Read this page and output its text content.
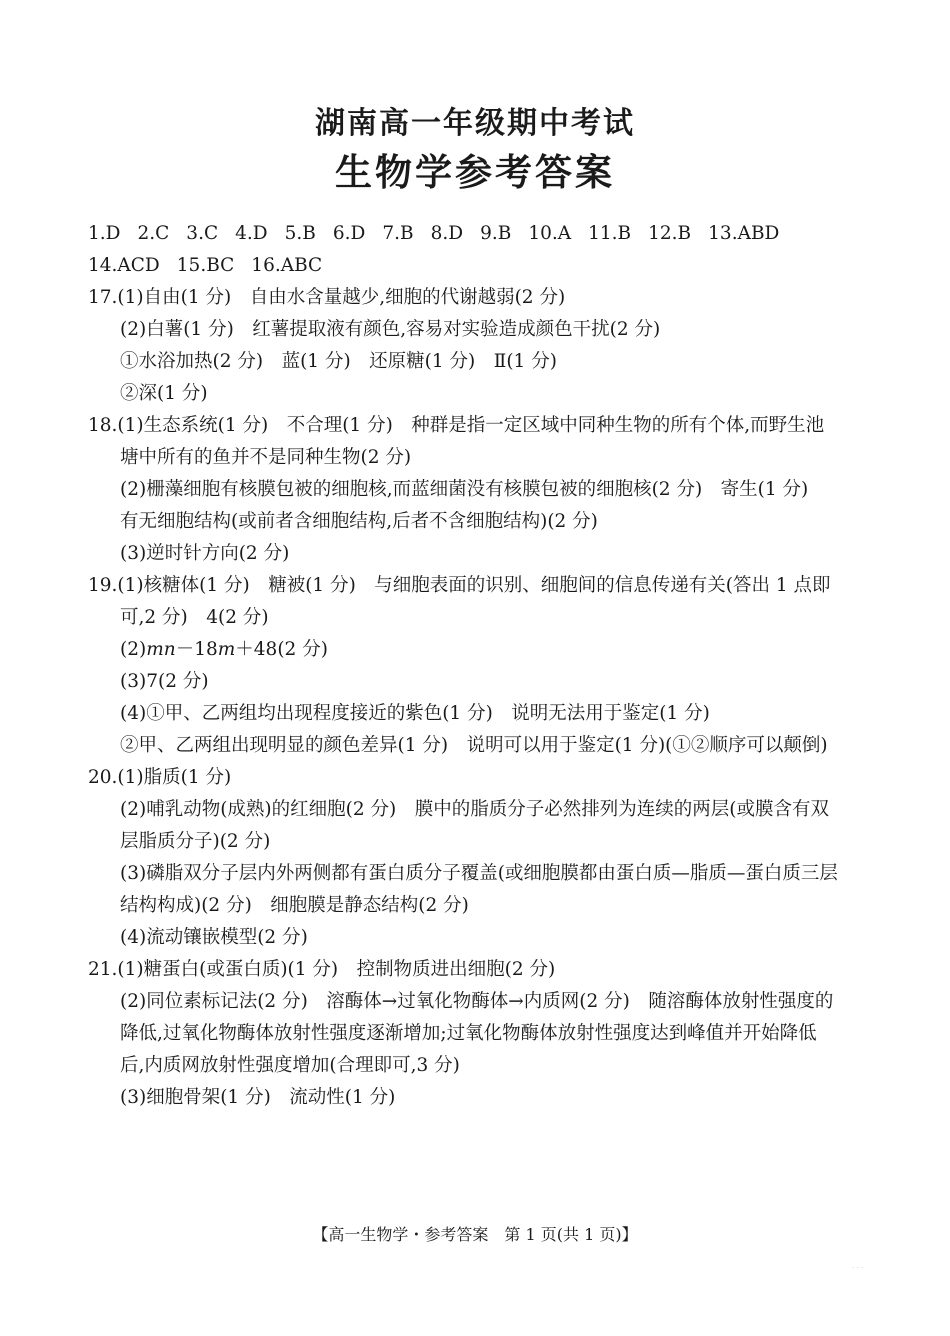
湖南高一年级期中考试
生物学参考答案
1.D 2.C 3.C 4.D 5.B 6.D 7.B 8.D 9.B 10.A 11.B 12.B 13.ABD
14.ACD 15.BC 16.ABC
17.(1)自由(1 分)　自由水含量越少,细胞的代谢越弱(2 分)
(2)白薯(1 分)　红薯提取液有颜色,容易对实验造成颜色干扰(2 分)
①水浴加热(2 分)　蓝(1 分)　还原糖(1 分)　Ⅱ(1 分)
②深(1 分)
18.(1)生态系统(1 分)　不合理(1 分)　种群是指一定区域中同种生物的所有个体,而野生池
塘中所有的鱼并不是同种生物(2 分)
(2)栅藻细胞有核膜包被的细胞核,而蓝细菌没有核膜包被的细胞核(2 分)　寄生(1 分)
有无细胞结构(或前者含细胞结构,后者不含细胞结构)(2 分)
(3)逆时针方向(2 分)
19.(1)核糖体(1 分)　糖被(1 分)　与细胞表面的识别、细胞间的信息传递有关(答出 1 点即
可,2 分)　4(2 分)
(2)mn－18m＋48(2 分)
(3)7(2 分)
(4)①甲、乙两组均出现程度接近的紫色(1 分)　说明无法用于鉴定(1 分)
②甲、乙两组出现明显的颜色差异(1 分)　说明可以用于鉴定(1 分)(①②顺序可以颠倒)
20.(1)脂质(1 分)
(2)哺乳动物(成熟)的红细胞(2 分)　膜中的脂质分子必然排列为连续的两层(或膜含有双
层脂质分子)(2 分)
(3)磷脂双分子层内外两侧都有蛋白质分子覆盖(或细胞膜都由蛋白质—脂质—蛋白质三层
结构构成)(2 分)　细胞膜是静态结构(2 分)
(4)流动镶嵌模型(2 分)
21.(1)糖蛋白(或蛋白质)(1 分)　控制物质进出细胞(2 分)
(2)同位素标记法(2 分)　溶酶体→过氧化物酶体→内质网(2 分)　随溶酶体放射性强度的
降低,过氧化物酶体放射性强度逐渐增加;过氧化物酶体放射性强度达到峰值并开始降低
后,内质网放射性强度增加(合理即可,3 分)
(3)细胞骨架(1 分)　流动性(1 分)
【高一生物学・参考答案　第 1 页(共 1 页)】
· · ·
